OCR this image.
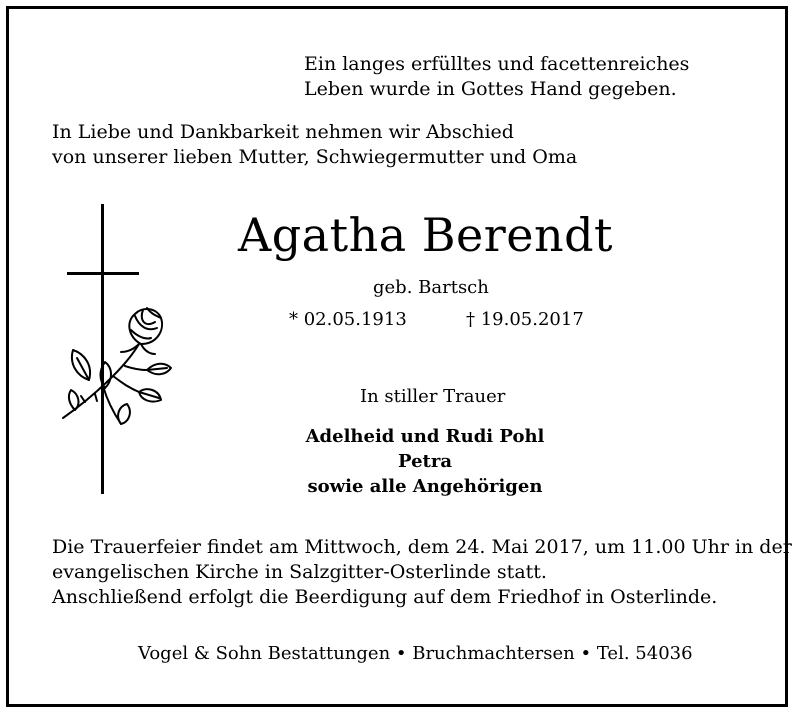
Ein langes erfülltes und facettenreiches
Leben wurde in Gottes Hand gegeben.
In Liebe und Dankbarkeit nehmen wir Abschied
von unserer lieben Mutter, Schwiegermutter und Oma
Agatha Berendt
geb. Bartsch
* 02.05.1913	† 19.05.2017
In stiller Trauer
Adelheid und Rudi Pohl
Petra
sowie alle Angehörigen
Die Trauerfeier findet am Mittwoch, dem 24. Mai 2017, um 11.00 Uhr in der
evangelischen Kirche in Salzgitter-Osterlinde statt.
Anschließend erfolgt die Beerdigung auf dem Friedhof in Osterlinde.
Vogel & Sohn Bestattungen • Bruchmachtersen • Tel. 54036
